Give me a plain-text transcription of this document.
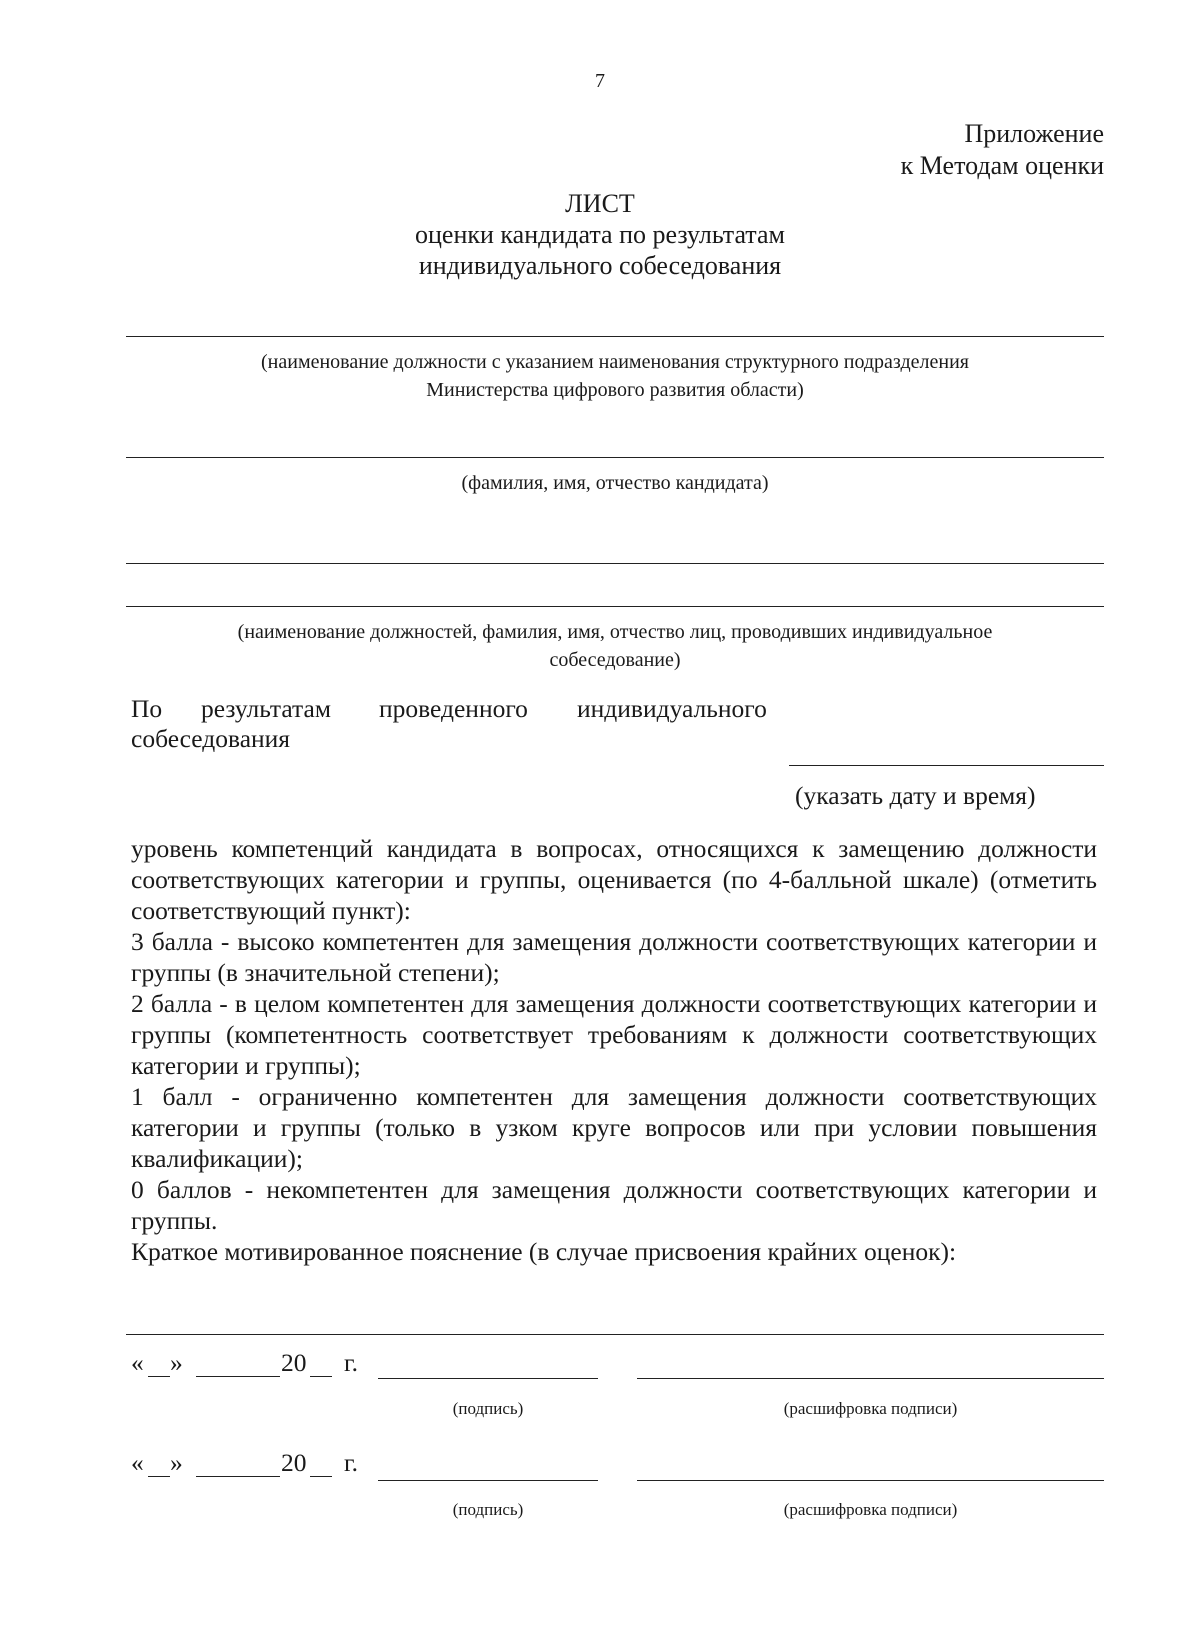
7
Приложение
к Методам оценки
ЛИСТ
оценки кандидата по результатам
индивидуального собеседования
(наименование должности с указанием наименования структурного подразделения
Министерства цифрового развития области)
(фамилия, имя, отчество кандидата)
(наименование должностей, фамилия, имя, отчество лиц, проводивших индивидуальное
собеседование)
По результатам проведенного индивидуального
собеседования
(указать дату и время)

уровень компетенций кандидата в вопросах, относящихся к замещению должности соответствующих категории и группы, оценивается (по 4-балльной шкале) (отметить соответствующий пункт):

3 балла - высоко компетентен для замещения должности соответствующих категории и группы (в значительной степени);

2 балла - в целом компетентен для замещения должности соответствующих категории и группы (компетентность соответствует требованиям к должности соответствующих категории и группы);

1 балл - ограниченно компетентен для замещения должности соответствующих категории и группы (только в узком круге вопросов или при условии повышения квалификации);

0 баллов - некомпетентен для замещения должности соответствующих категории и группы.

Краткое мотивированное пояснение (в случае присвоения крайних оценок):

« »	20 г.
(подпись)	(расшифровка подписи)
« »	20 г.
(подпись)	(расшифровка подписи)
